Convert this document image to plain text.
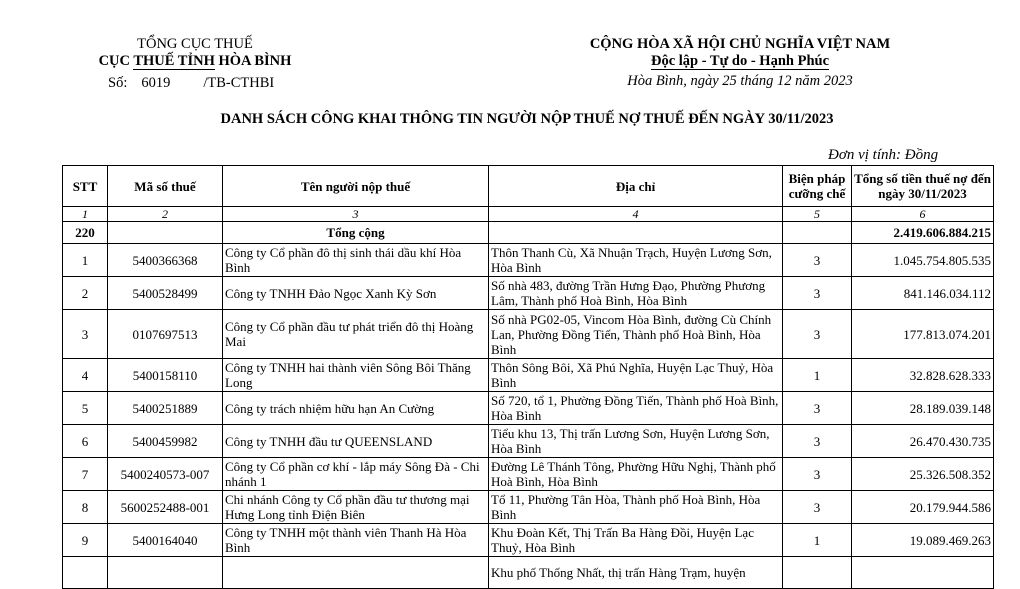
TỔNG CỤC THUẾ
CỤC THUẾ TỈNH HÒA BÌNH
Số: 6019 /TB-CTHBI
CỘNG HÒA XÃ HỘI CHỦ NGHĨA VIỆT NAM
Độc lập - Tự do - Hạnh Phúc
Hòa Bình, ngày 25 tháng 12 năm 2023
DANH SÁCH CÔNG KHAI THÔNG TIN NGƯỜI NỘP THUẾ NỢ THUẾ ĐẾN NGÀY 30/11/2023
Đơn vị tính: Đồng
STT	Mã số thuế	Tên người nộp thuế	Địa chỉ	Biện pháp cưỡng chế	Tổng số tiền thuế nợ đến ngày 30/11/2023
1	2	3	4	5	6
220		Tổng cộng			2.419.606.884.215
1	5400366368	Công ty Cổ phần đô thị sinh thái dầu khí Hòa Bình	Thôn Thanh Cù, Xã Nhuận Trạch, Huyện Lương Sơn, Hòa Bình	3	1.045.754.805.535
2	5400528499	Công ty TNHH Đảo Ngọc Xanh Kỳ Sơn	Số nhà 483, đường Trần Hưng Đạo, Phường Phương Lâm, Thành phố Hoà Bình, Hòa Bình	3	841.146.034.112
3	0107697513	Công ty Cổ phần đầu tư phát triển đô thị Hoàng Mai	Số nhà PG02-05, Vincom Hòa Bình, đường Cù Chính Lan, Phường Đồng Tiến, Thành phố Hoà Bình, Hòa Bình	3	177.813.074.201
4	5400158110	Công ty TNHH hai thành viên Sông Bôi Thăng Long	Thôn Sông Bôi, Xã Phú Nghĩa, Huyện Lạc Thuỷ, Hòa Bình	1	32.828.628.333
5	5400251889	Công ty trách nhiệm hữu hạn An Cường	Số 720, tổ 1, Phường Đồng Tiến, Thành phố Hoà Bình, Hòa Bình	3	28.189.039.148
6	5400459982	Công ty TNHH đầu tư QUEENSLAND	Tiểu khu 13, Thị trấn Lương Sơn, Huyện Lương Sơn, Hòa Bình	3	26.470.430.735
7	5400240573-007	Công ty Cổ phần cơ khí - lắp máy Sông Đà - Chi nhánh 1	Đường Lê Thánh Tông, Phường Hữu Nghị, Thành phố Hoà Bình, Hòa Bình	3	25.326.508.352
8	5600252488-001	Chi nhánh Công ty Cổ phần đầu tư thương mại Hưng Long tỉnh Điện Biên	Tổ 11, Phường Tân Hòa, Thành phố Hoà Bình, Hòa Bình	3	20.179.944.586
9	5400164040	Công ty TNHH một thành viên Thanh Hà Hòa Bình	Khu Đoàn Kết, Thị Trấn Ba Hàng Đồi, Huyện Lạc Thuỷ, Hòa Bình	1	19.089.469.263
			Khu phố Thống Nhất, thị trấn Hàng Trạm, huyện		
